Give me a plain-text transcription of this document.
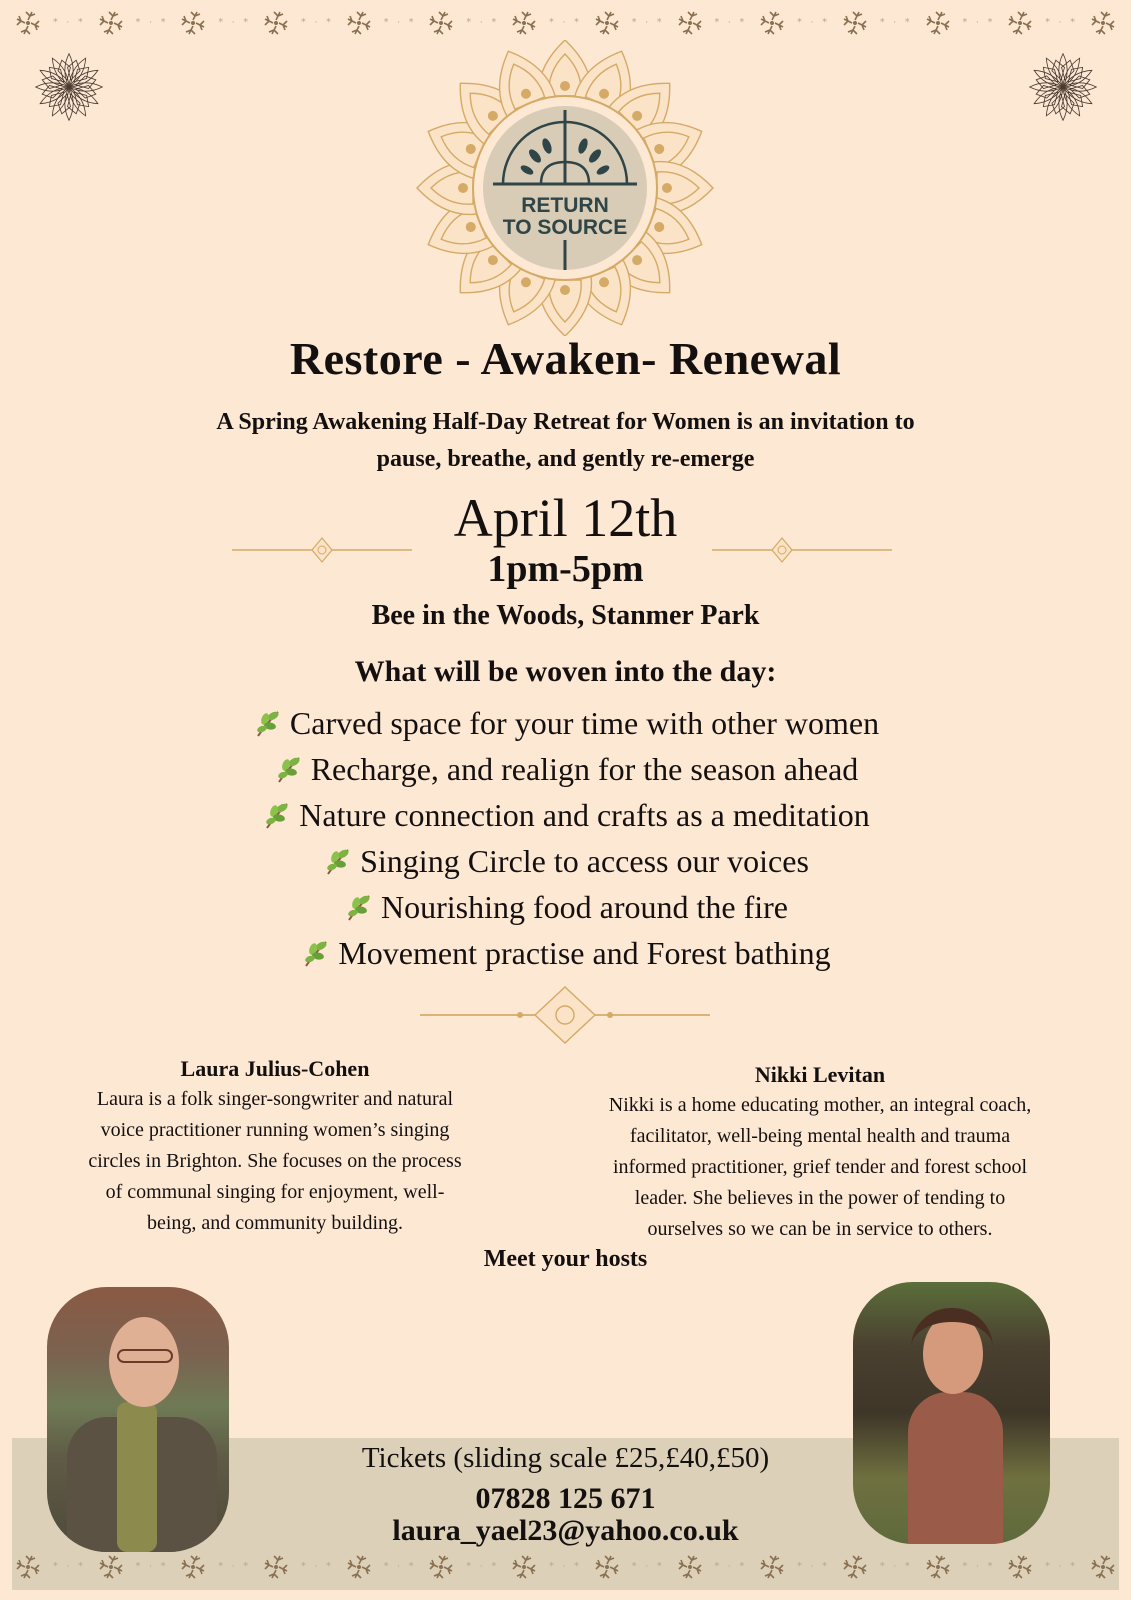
* · *	* · *	* · *	* · *	* · *	* · *	* · *	* · *	* · *	* · *	* · *	* · *	* · *
RETURN
TO SOURCE
Restore - Awaken- Renewal
A Spring Awakening Half-Day Retreat for Women is an invitation to
pause, breathe, and gently re-emerge
April 12th
1pm-5pm
Bee in the Woods, Stanmer Park
What will be woven into the day:
Carved space for your time with other women
Recharge, and realign for the season ahead
Nature connection and crafts as a meditation
Singing Circle to access our voices
Nourishing food around the fire
Movement practise and Forest bathing
Laura Julius-Cohen

Laura is a folk singer-songwriter and natural
voice practitioner running women’s singing
circles in Brighton. She focuses on the process
of communal singing for enjoyment, well-
being, and community building.

Nikki Levitan

Nikki is a home educating mother, an integral coach,
facilitator, well-being mental health and trauma
informed practitioner, grief tender and forest school
leader. She believes in the power of tending to
ourselves so we can be in service to others.

Meet your hosts
Tickets (sliding scale £25,£40,£50)
07828 125 671
laura_yael23@yahoo.co.uk
* · *	* · *	* · *	* · *	* · *	* · *	* · *	* · *	* · *	* · *	* · *	* · *	* · *
